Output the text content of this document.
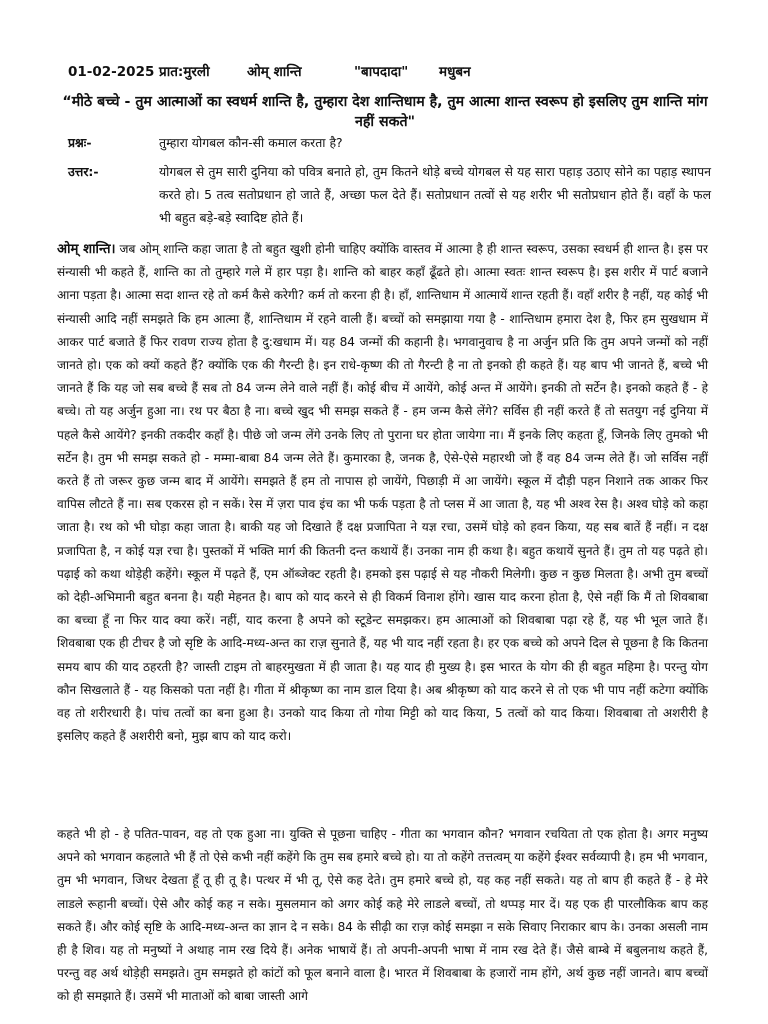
01-02-2025 प्रात:मुरली	ओम् शान्ति	"बापदादा" मधुबन
“मीठे बच्चे - तुम आत्माओं का स्वधर्म शान्ति है, तुम्हारा देश शान्तिधाम है, तुम आत्मा शान्त स्वरूप हो इसलिए तुम शान्ति मांग नहीं सकते"
प्रश्नः-	तुम्हारा योगबल कौन-सी कमाल करता है?
उत्तर:-	योगबल से तुम सारी दुनिया को पवित्र बनाते हो, तुम कितने थोड़े बच्चे योगबल से यह सारा पहाड़ उठाए सोने का पहाड़ स्थापन करते हो। 5 तत्व सतोप्रधान हो जाते हैं, अच्छा फल देते हैं। सतोप्रधान तत्वों से यह शरीर भी सतोप्रधान होते हैं। वहाँ के फल भी बहुत बड़े-बड़े स्वादिष्ट होते हैं।

ओम् शान्ति। जब ओम् शान्ति कहा जाता है तो बहुत खुशी होनी चाहिए क्योंकि वास्तव में आत्मा है ही शान्त स्वरूप, उसका स्वधर्म ही शान्त है। इस पर संन्यासी भी कहते हैं, शान्ति का तो तुम्हारे गले में हार पड़ा है। शान्ति को बाहर कहाँ ढूँढते हो। आत्मा स्वतः शान्त स्वरूप है। इस शरीर में पार्ट बजाने आना पड़ता है। आत्मा सदा शान्त रहे तो कर्म कैसे करेगी? कर्म तो करना ही है। हाँ, शान्तिधाम में आत्मायें शान्त रहती हैं। वहाँ शरीर है नहीं, यह कोई भी संन्यासी आदि नहीं समझते कि हम आत्मा हैं, शान्तिधाम में रहने वाली हैं। बच्चों को समझाया गया है - शान्तिधाम हमारा देश है, फिर हम सुखधाम में आकर पार्ट बजाते हैं फिर रावण राज्य होता है दु:खधाम में। यह 84 जन्मों की कहानी है। भगवानुवाच है ना अर्जुन प्रति कि तुम अपने जन्मों को नहीं जानते हो। एक को क्यों कहते हैं? क्योंकि एक की गैरन्टी है। इन राधे-कृष्ण की तो गैरन्टी है ना तो इनको ही कहते हैं। यह बाप भी जानते हैं, बच्चे भी जानते हैं कि यह जो सब बच्चे हैं सब तो 84 जन्म लेने वाले नहीं हैं। कोई बीच में आयेंगे, कोई अन्त में आयेंगे। इनकी तो सर्टेन है। इनको कहते हैं - हे बच्चे। तो यह अर्जुन हुआ ना। रथ पर बैठा है ना। बच्चे खुद भी समझ सकते हैं - हम जन्म कैसे लेंगे? सर्विस ही नहीं करते हैं तो सतयुग नई दुनिया में पहले कैसे आयेंगे? इनकी तकदीर कहाँ है। पीछे जो जन्म लेंगे उनके लिए तो पुराना घर होता जायेगा ना। मैं इनके लिए कहता हूँ, जिनके लिए तुमको भी सर्टेन है। तुम भी समझ सकते हो - मम्मा-बाबा 84 जन्म लेते हैं। कुमारका है, जनक है, ऐसे-ऐसे महारथी जो हैं वह 84 जन्म लेते हैं। जो सर्विस नहीं करते हैं तो जरूर कुछ जन्म बाद में आयेंगे। समझते हैं हम तो नापास हो जायेंगे, पिछाड़ी में आ जायेंगे। स्कूल में दौड़ी पहन निशाने तक आकर फिर वापिस लौटते हैं ना। सब एकरस हो न सकें। रेस में ज़रा पाव इंच का भी फर्क पड़ता है तो प्लस में आ जाता है, यह भी अश्व रेस है। अश्व घोड़े को कहा जाता है। रथ को भी घोड़ा कहा जाता है। बाकी यह जो दिखाते हैं दक्ष प्रजापिता ने यज्ञ रचा, उसमें घोड़े को हवन किया, यह सब बातें हैं नहीं। न दक्ष प्रजापिता है, न कोई यज्ञ रचा है। पुस्तकों में भक्ति मार्ग की कितनी दन्त कथायें हैं। उनका नाम ही कथा है। बहुत कथायें सुनते हैं। तुम तो यह पढ़ते हो। पढ़ाई को कथा थोड़ेही कहेंगे। स्कूल में पढ़ते हैं, एम ऑब्जेक्ट रहती है। हमको इस पढ़ाई से यह नौकरी मिलेगी। कुछ न कुछ मिलता है। अभी तुम बच्चों को देही-अभिमानी बहुत बनना है। यही मेहनत है। बाप को याद करने से ही विकर्म विनाश होंगे। खास याद करना होता है, ऐसे नहीं कि मैं तो शिवबाबा का बच्चा हूँ ना फिर याद क्या करें। नहीं, याद करना है अपने को स्टूडेन्ट समझकर। हम आत्माओं को शिवबाबा पढ़ा रहे हैं, यह भी भूल जाते हैं। शिवबाबा एक ही टीचर है जो सृष्टि के आदि-मध्य-अन्त का राज़ सुनाते हैं, यह भी याद नहीं रहता है। हर एक बच्चे को अपने दिल से पूछना है कि कितना समय बाप की याद ठहरती है? जास्ती टाइम तो बाहरमुखता में ही जाता है। यह याद ही मुख्य है। इस भारत के योग की ही बहुत महिमा है। परन्तु योग कौन सिखलाते हैं - यह किसको पता नहीं है। गीता में श्रीकृष्ण का नाम डाल दिया है। अब श्रीकृष्ण को याद करने से तो एक भी पाप नहीं कटेगा क्योंकि वह तो शरीरधारी है। पांच तत्वों का बना हुआ है। उनको याद किया तो गोया मिट्टी को याद किया, 5 तत्वों को याद किया। शिवबाबा तो अशरीरी है इसलिए कहते हैं अशरीरी बनो, मुझ बाप को याद करो।

कहते भी हो - हे पतित-पावन, वह तो एक हुआ ना। युक्ति से पूछना चाहिए - गीता का भगवान कौन? भगवान रचयिता तो एक होता है। अगर मनुष्य अपने को भगवान कहलाते भी हैं तो ऐसे कभी नहीं कहेंगे कि तुम सब हमारे बच्चे हो। या तो कहेंगे तत्तत्वम् या कहेंगे ईश्वर सर्वव्यापी है। हम भी भगवान, तुम भी भगवान, जिधर देखता हूँ तू ही तू है। पत्थर में भी तू, ऐसे कह देते। तुम हमारे बच्चे हो, यह कह नहीं सकते। यह तो बाप ही कहते हैं - हे मेरे लाडले रूहानी बच्चों। ऐसे और कोई कह न सके। मुसलमान को अगर कोई कहे मेरे लाडले बच्चों, तो थप्पड़ मार दें। यह एक ही पारलौकिक बाप कह सकते हैं। और कोई सृष्टि के आदि-मध्य-अन्त का ज्ञान दे न सके। 84 के सीढ़ी का राज़ कोई समझा न सके सिवाए निराकार बाप के। उनका असली नाम ही है शिव। यह तो मनुष्यों ने अथाह नाम रख दिये हैं। अनेक भाषायें हैं। तो अपनी-अपनी भाषा में नाम रख देते हैं। जैसे बाम्बे में बबुलनाथ कहते हैं, परन्तु वह अर्थ थोड़ेही समझते। तुम समझते हो कांटों को फूल बनाने वाला है। भारत में शिवबाबा के हजारों नाम होंगे, अर्थ कुछ नहीं जानते। बाप बच्चों को ही समझाते हैं। उसमें भी माताओं को बाबा जास्ती आगे
